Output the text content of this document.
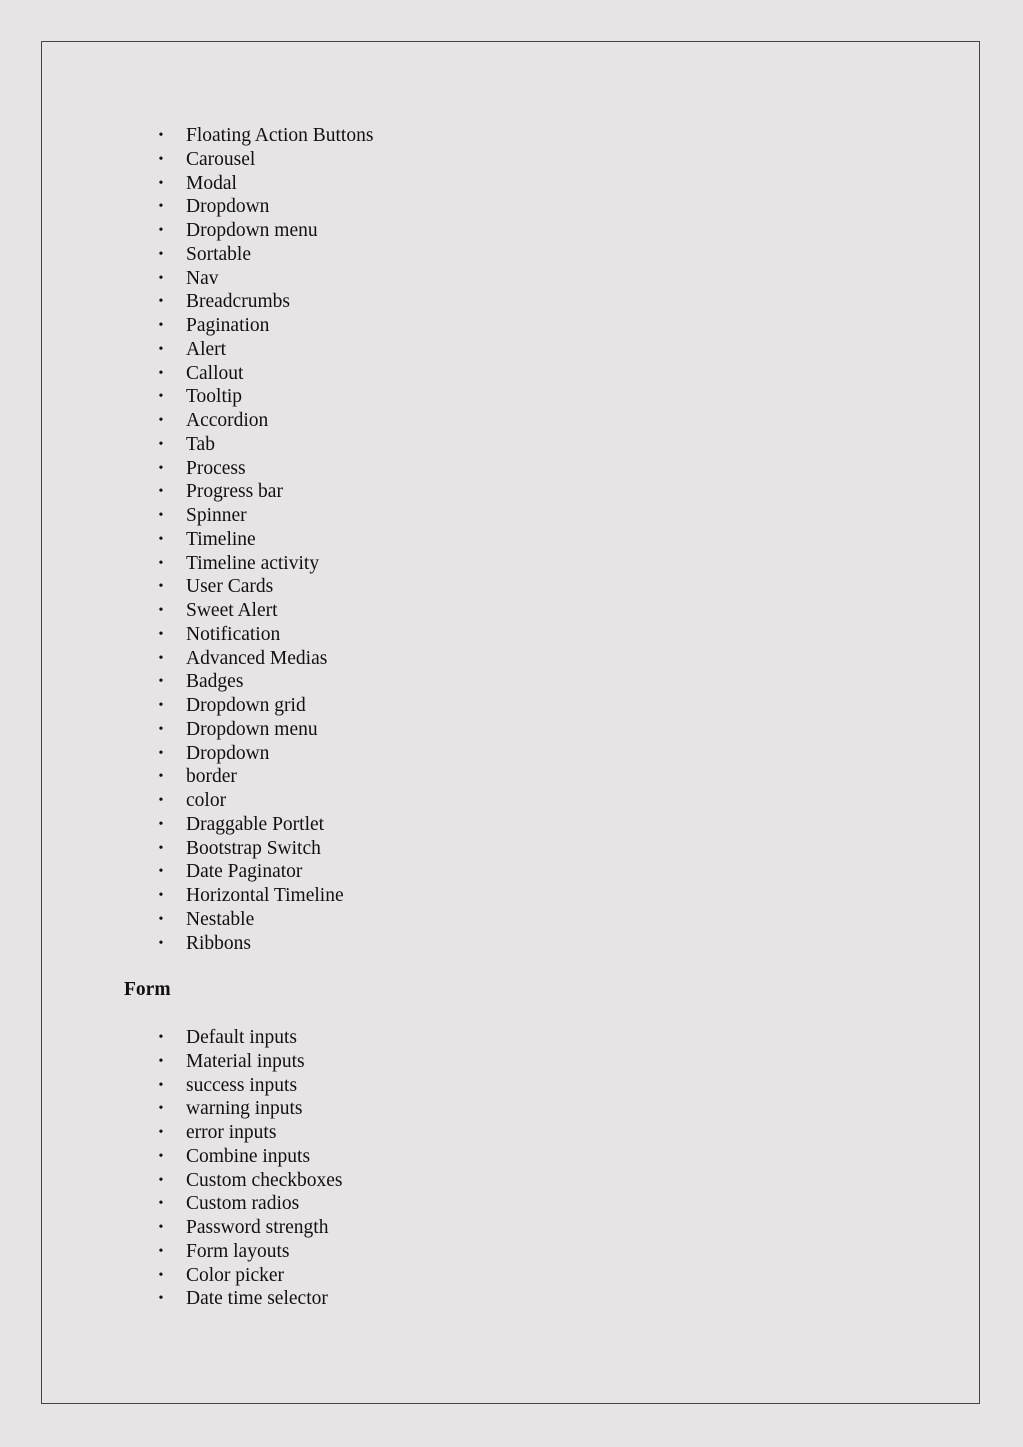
• Floating Action Buttons
• Carousel
• Modal
• Dropdown
• Dropdown menu
• Sortable
• Nav
• Breadcrumbs
• Pagination
• Alert
• Callout
• Tooltip
• Accordion
• Tab
• Process
• Progress bar
• Spinner
• Timeline
• Timeline activity
• User Cards
• Sweet Alert
• Notification
• Advanced Medias
• Badges
• Dropdown grid
• Dropdown menu
• Dropdown
• border
• color
• Draggable Portlet
• Bootstrap Switch
• Date Paginator
• Horizontal Timeline
• Nestable
• Ribbons
Form
• Default inputs
• Material inputs
• success inputs
• warning inputs
• error inputs
• Combine inputs
• Custom checkboxes
• Custom radios
• Password strength
• Form layouts
• Color picker
• Date time selector
